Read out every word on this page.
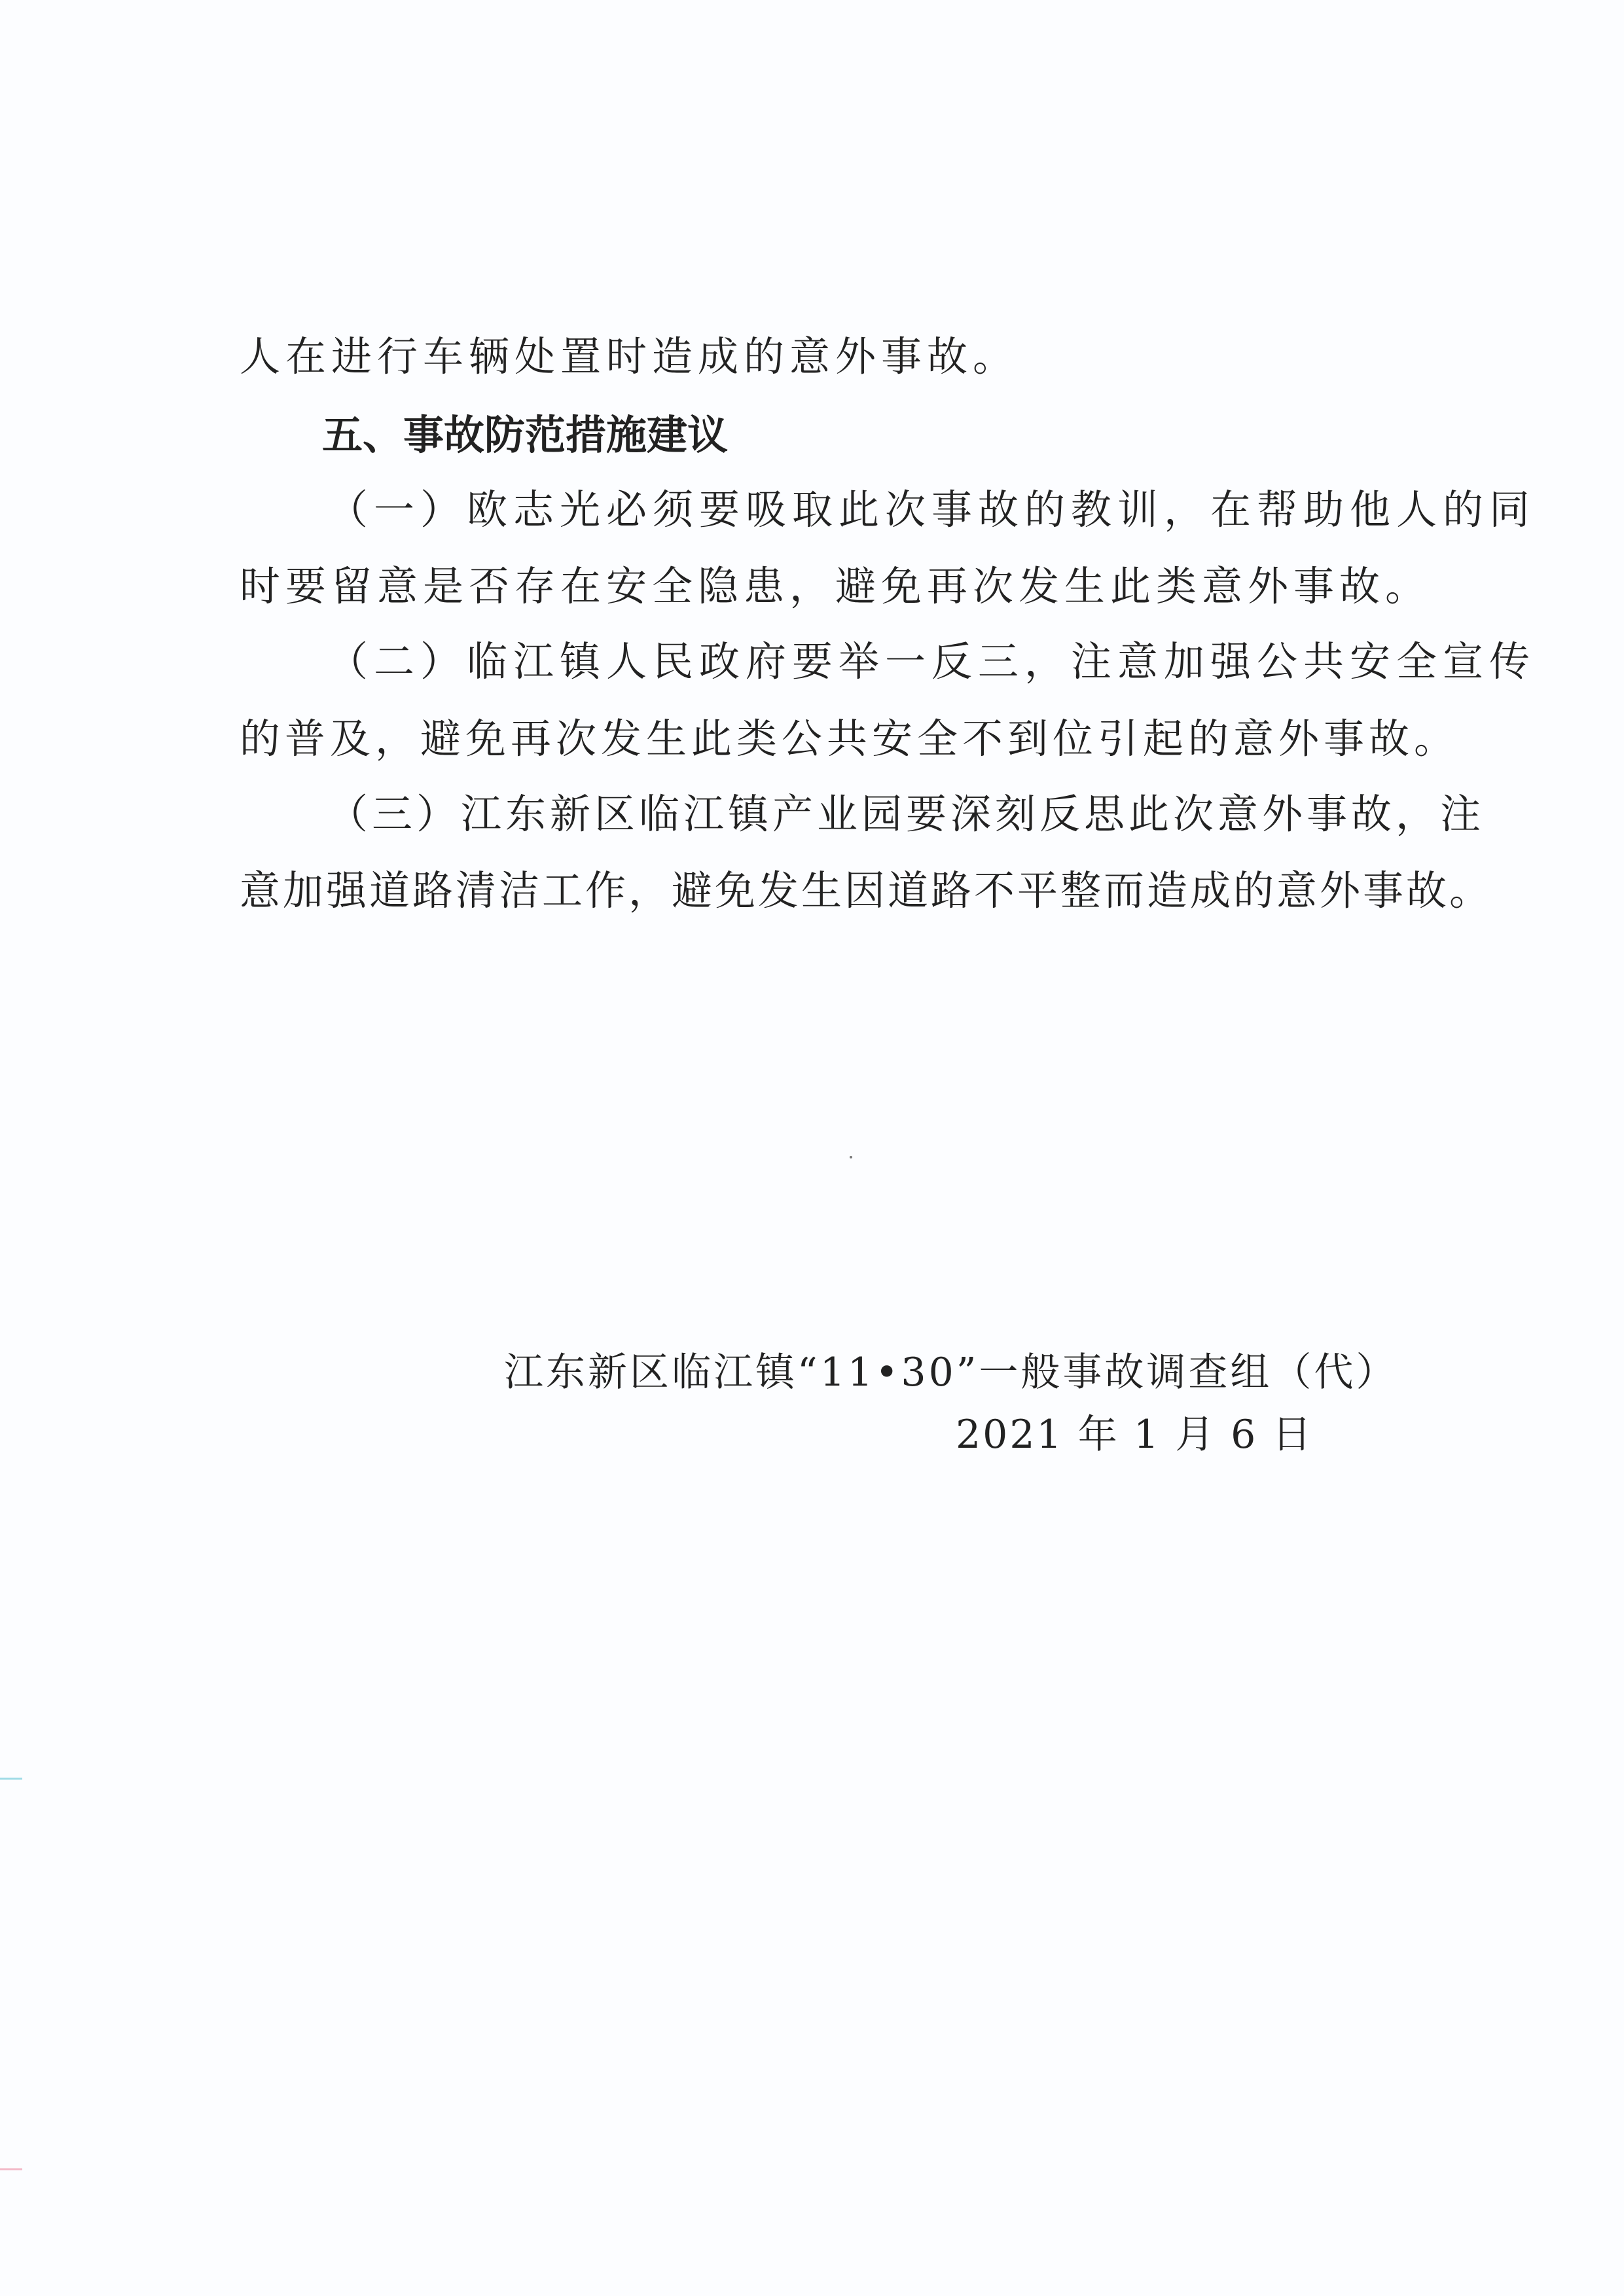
人在进行车辆处置时造成的意外事故。
五、事故防范措施建议
（一）欧志光必须要吸取此次事故的教训，在帮助他人的同
时要留意是否存在安全隐患，避免再次发生此类意外事故。
（二）临江镇人民政府要举一反三，注意加强公共安全宣传
的普及，避免再次发生此类公共安全不到位引起的意外事故。
（三）江东新区临江镇产业园要深刻反思此次意外事故，注
意加强道路清洁工作，避免发生因道路不平整而造成的意外事故。
江东新区临江镇“11•30”一般事故调查组（代）
2021 年 1 月 6 日
